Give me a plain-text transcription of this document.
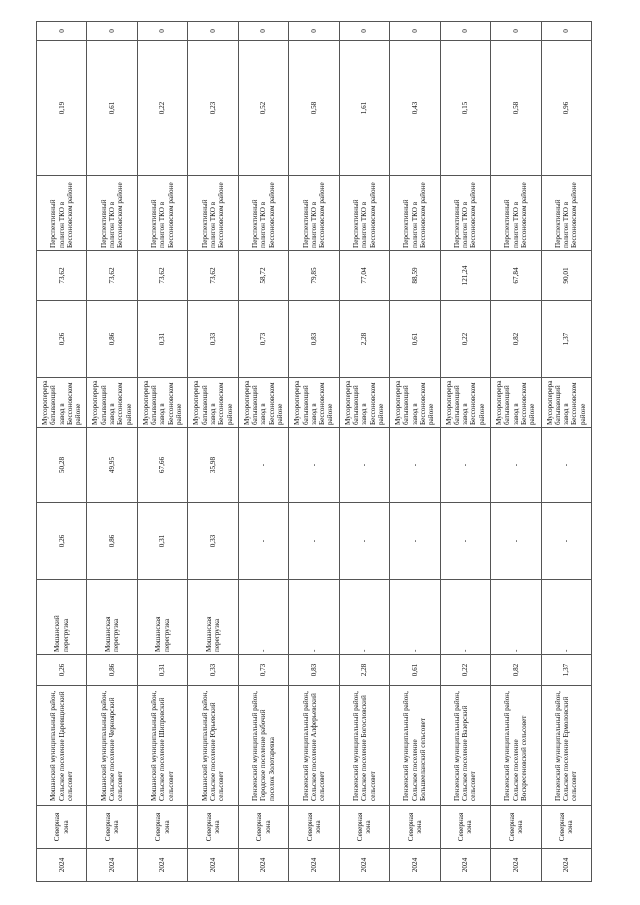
2024	Северная зона	Мошанский муниципальный район, Сельское поселение Царевщинский сельсовет	0,26	Мошанский перегрузка	0,26	50,28	Мусороперерабатывающий завод в Бессоновском районе	0,26	73,62	Перспективный полигон ТКО в Бессоновском районе	0,19	0
2024	Северная зона	Мошанский муниципальный район, Сельское поселение Черноярский сельсовет	0,86	Мошанская перегрузка	0,86	49,95	Мусороперерабатывающий завод в Бессоновском районе	0,86	73,62	Перспективный полигон ТКО в Бессоновском районе	0,61	0
2024	Северная зона	Мошанский муниципальный район, Сельское поселение Шипровский сельсовет	0,31	Мошанская перегрузка	0,31	67,66	Мусороперерабатывающий завод в Бессоновском районе	0,31	73,62	Перспективный полигон ТКО в Бессоновском районе	0,22	0
2024	Северная зона	Мошанский муниципальный район, Сельское поселение Юрьевский сельсовет	0,33	Мошанская перегрузка	0,33	35,98	Мусороперерабатывающий завод в Бессоновском районе	0,33	73,62	Перспективный полигон ТКО в Бессоновском районе	0,23	0
2024	Северная зона	Пензенский муниципальный район, Городское поселение рабочий поселок Золотаревка	0,73	-	-	-	Мусороперерабатывающий завод в Бессоновском районе	0,73	58,72	Перспективный полигон ТКО в Бессоновском районе	0,52	0
2024	Северная зона	Пензенский муниципальный район, Сельское поселение Алферьевский сельсовет	0,83	-	-	-	Мусороперерабатывающий завод в Бессоновском районе	0,83	79,85	Перспективный полигон ТКО в Бессоновском районе	0,58	0
2024	Северная зона	Пензенский муниципальный район, Сельское поселение Богословский сельсовет	2,28	-	-	-	Мусороперерабатывающий завод в Бессоновском районе	2,28	77,04	Перспективный полигон ТКО в Бессоновском районе	1,61	0
2024	Северная зона	Пензенский муниципальный район, Сельское поселение Большееланский сельсовет	0,61	-	-	-	Мусороперерабатывающий завод в Бессоновском районе	0,61	88,59	Перспективный полигон ТКО в Бессоновском районе	0,43	0
2024	Северная зона	Пензенский муниципальный район, Сельское поселение Вазерский сельсовет	0,22	-	-	-	Мусороперерабатывающий завод в Бессоновском районе	0,22	121,24	Перспективный полигон ТКО в Бессоновском районе	0,15	0
2024	Северная зона	Пензенский муниципальный район, Сельское поселение Воскресеновский сельсовет	0,82	-	-	-	Мусороперерабатывающий завод в Бессоновском районе	0,82	67,84	Перспективный полигон ТКО в Бессоновском районе	0,58	0
2024	Северная зона	Пензенский муниципальный район, Сельское поселение Ермоловский сельсовет	1,37	-	-	-	Мусороперерабатывающий завод в Бессоновском районе	1,37	90,01	Перспективный полигон ТКО в Бессоновском районе	0,96	0
